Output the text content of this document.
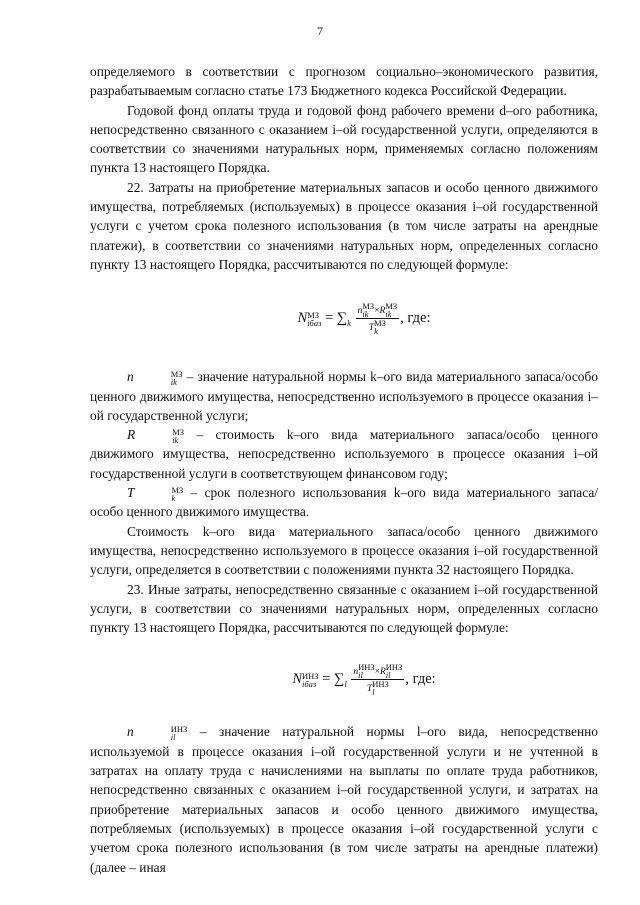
7

определяемого в соответствии с прогнозом социально–экономического развития, разрабатываемым согласно статье 173 Бюджетного кодекса Российской Федерации.

Годовой фонд оплаты труда и годовой фонд рабочего времени d–ого работника, непосредственно связанного с оказанием i–ой государственной услуги, определяются в соответствии со значениями натуральных норм, применяемых согласно положениям пункта 13 настоящего Порядка.

22. Затраты на приобретение материальных запасов и особо ценного движимого имущества, потребляемых (используемых) в процессе оказания i–ой государственной услуги с учетом срока полезного использования (в том числе затраты на арендные платежи), в соответствии со значениями натуральных норм, определенных согласно пункту 13 настоящего Порядка, рассчитываются по следующей формуле:

N МЗ
iбаз = $\sum_k$ n МЗ
ik ×R МЗ
ik
T МЗ
k , где:

n	МЗ
ik – значение натуральной нормы k–ого вида материального запаса/особо ценного движимого имущества, непосредственно используемого в процессе оказания i–ой государственной услуги;

R	МЗ
ik	– стоимость k–ого вида материального запаса/особо ценного движимого имущества, непосредственно используемого в процессе оказания i–ой государственной услуги в соответствующем финансовом году;

T	МЗ
k	– срок полезного использования k–ого вида материального запаса/особо ценного движимого имущества.

Стоимость k–ого вида материального запаса/особо ценного движимого имущества, непосредственно используемого в процессе оказания i–ой государственной услуги, определяется в соответствии с положениями пункта 32 настоящего Порядка.

23. Иные затраты, непосредственно связанные с оказанием i–ой государственной услуги, в соответствии со значениями натуральных норм, определенных согласно пункту 13 настоящего Порядка, рассчитываются по следующей формуле:

N ИНЗ
iбаз = $\sum_l$ n ИНЗ
il	×R ИНЗ
il
T ИНЗ
l , где:

n	ИНЗ
il	– значение натуральной нормы l–ого вида, непосредственно используемой в процессе оказания i–ой государственной услуги и не учтенной в затратах на оплату труда с начислениями на выплаты по оплате труда работников, непосредственно связанных с оказанием i–ой государственной услуги, и затратах на приобретение материальных запасов и особо ценного движимого имущества, потребляемых (используемых) в процессе оказания i–ой государственной услуги с учетом срока полезного использования (в том числе затраты на арендные платежи) (далее – иная
